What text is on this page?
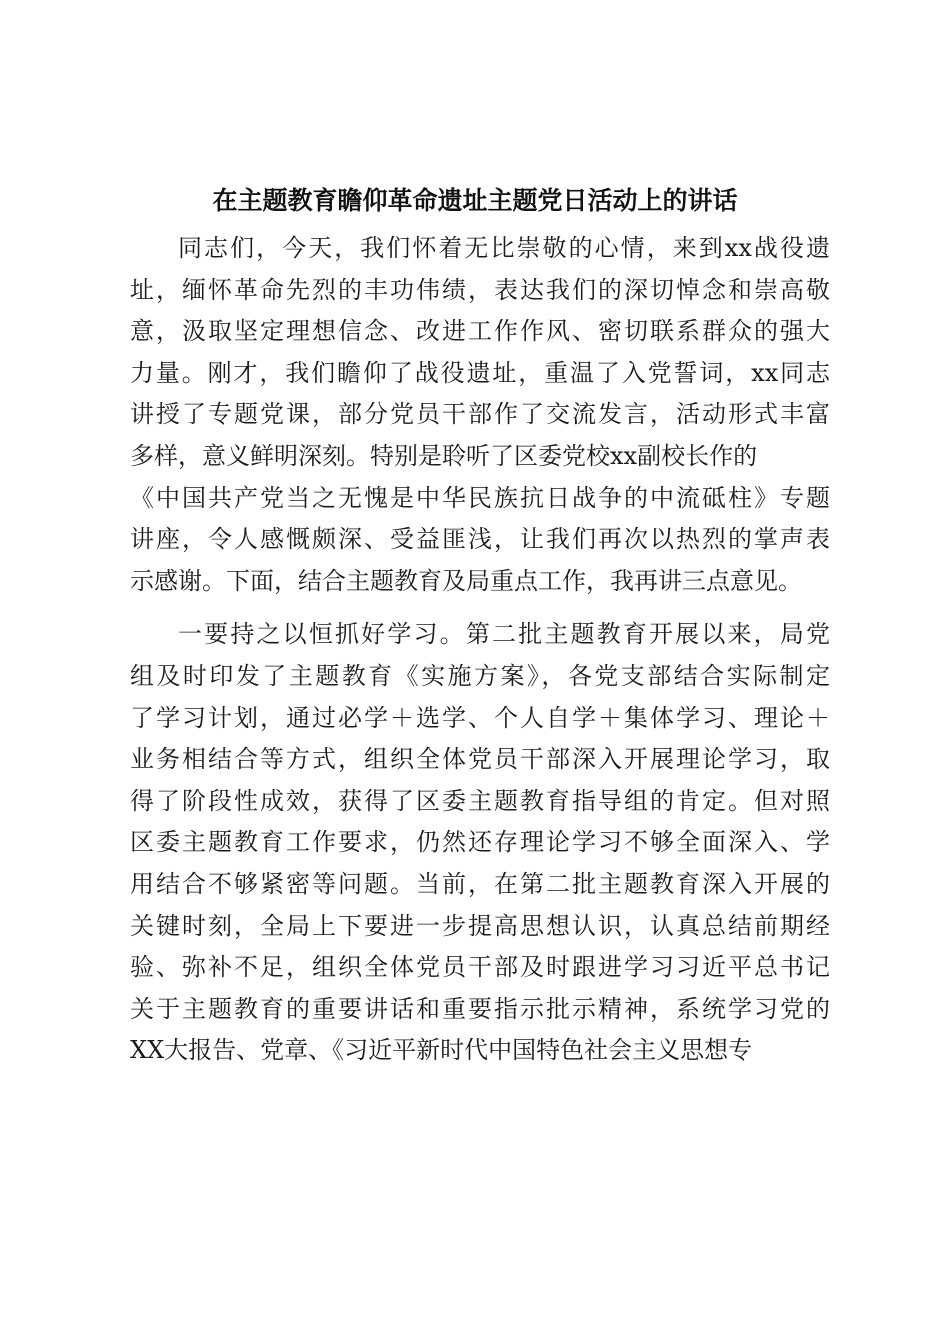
在主题教育瞻仰革命遗址主题党日活动上的讲话
同志们，今天，我们怀着无比崇敬的心情，来到xx战役遗
址，缅怀革命先烈的丰功伟绩，表达我们的深切悼念和崇高敬
意，汲取坚定理想信念、改进工作作风、密切联系群众的强大
力量。刚才，我们瞻仰了战役遗址，重温了入党誓词，xx同志
讲授了专题党课，部分党员干部作了交流发言，活动形式丰富
多样，意义鲜明深刻。特别是聆听了区委党校xx副校长作的
《中国共产党当之无愧是中华民族抗日战争的中流砥柱》专题
讲座，令人感慨颇深、受益匪浅，让我们再次以热烈的掌声表
示感谢。下面，结合主题教育及局重点工作，我再讲三点意见。
一要持之以恒抓好学习。第二批主题教育开展以来，局党
组及时印发了主题教育《实施方案》，各党支部结合实际制定
了学习计划，通过必学＋选学、个人自学＋集体学习、理论＋
业务相结合等方式，组织全体党员干部深入开展理论学习，取
得了阶段性成效，获得了区委主题教育指导组的肯定。但对照
区委主题教育工作要求，仍然还存理论学习不够全面深入、学
用结合不够紧密等问题。当前，在第二批主题教育深入开展的
关键时刻，全局上下要进一步提高思想认识，认真总结前期经
验、弥补不足，组织全体党员干部及时跟进学习习近平总书记
关于主题教育的重要讲话和重要指示批示精神，系统学习党的
XX大报告、党章、《习近平新时代中国特色社会主义思想专
